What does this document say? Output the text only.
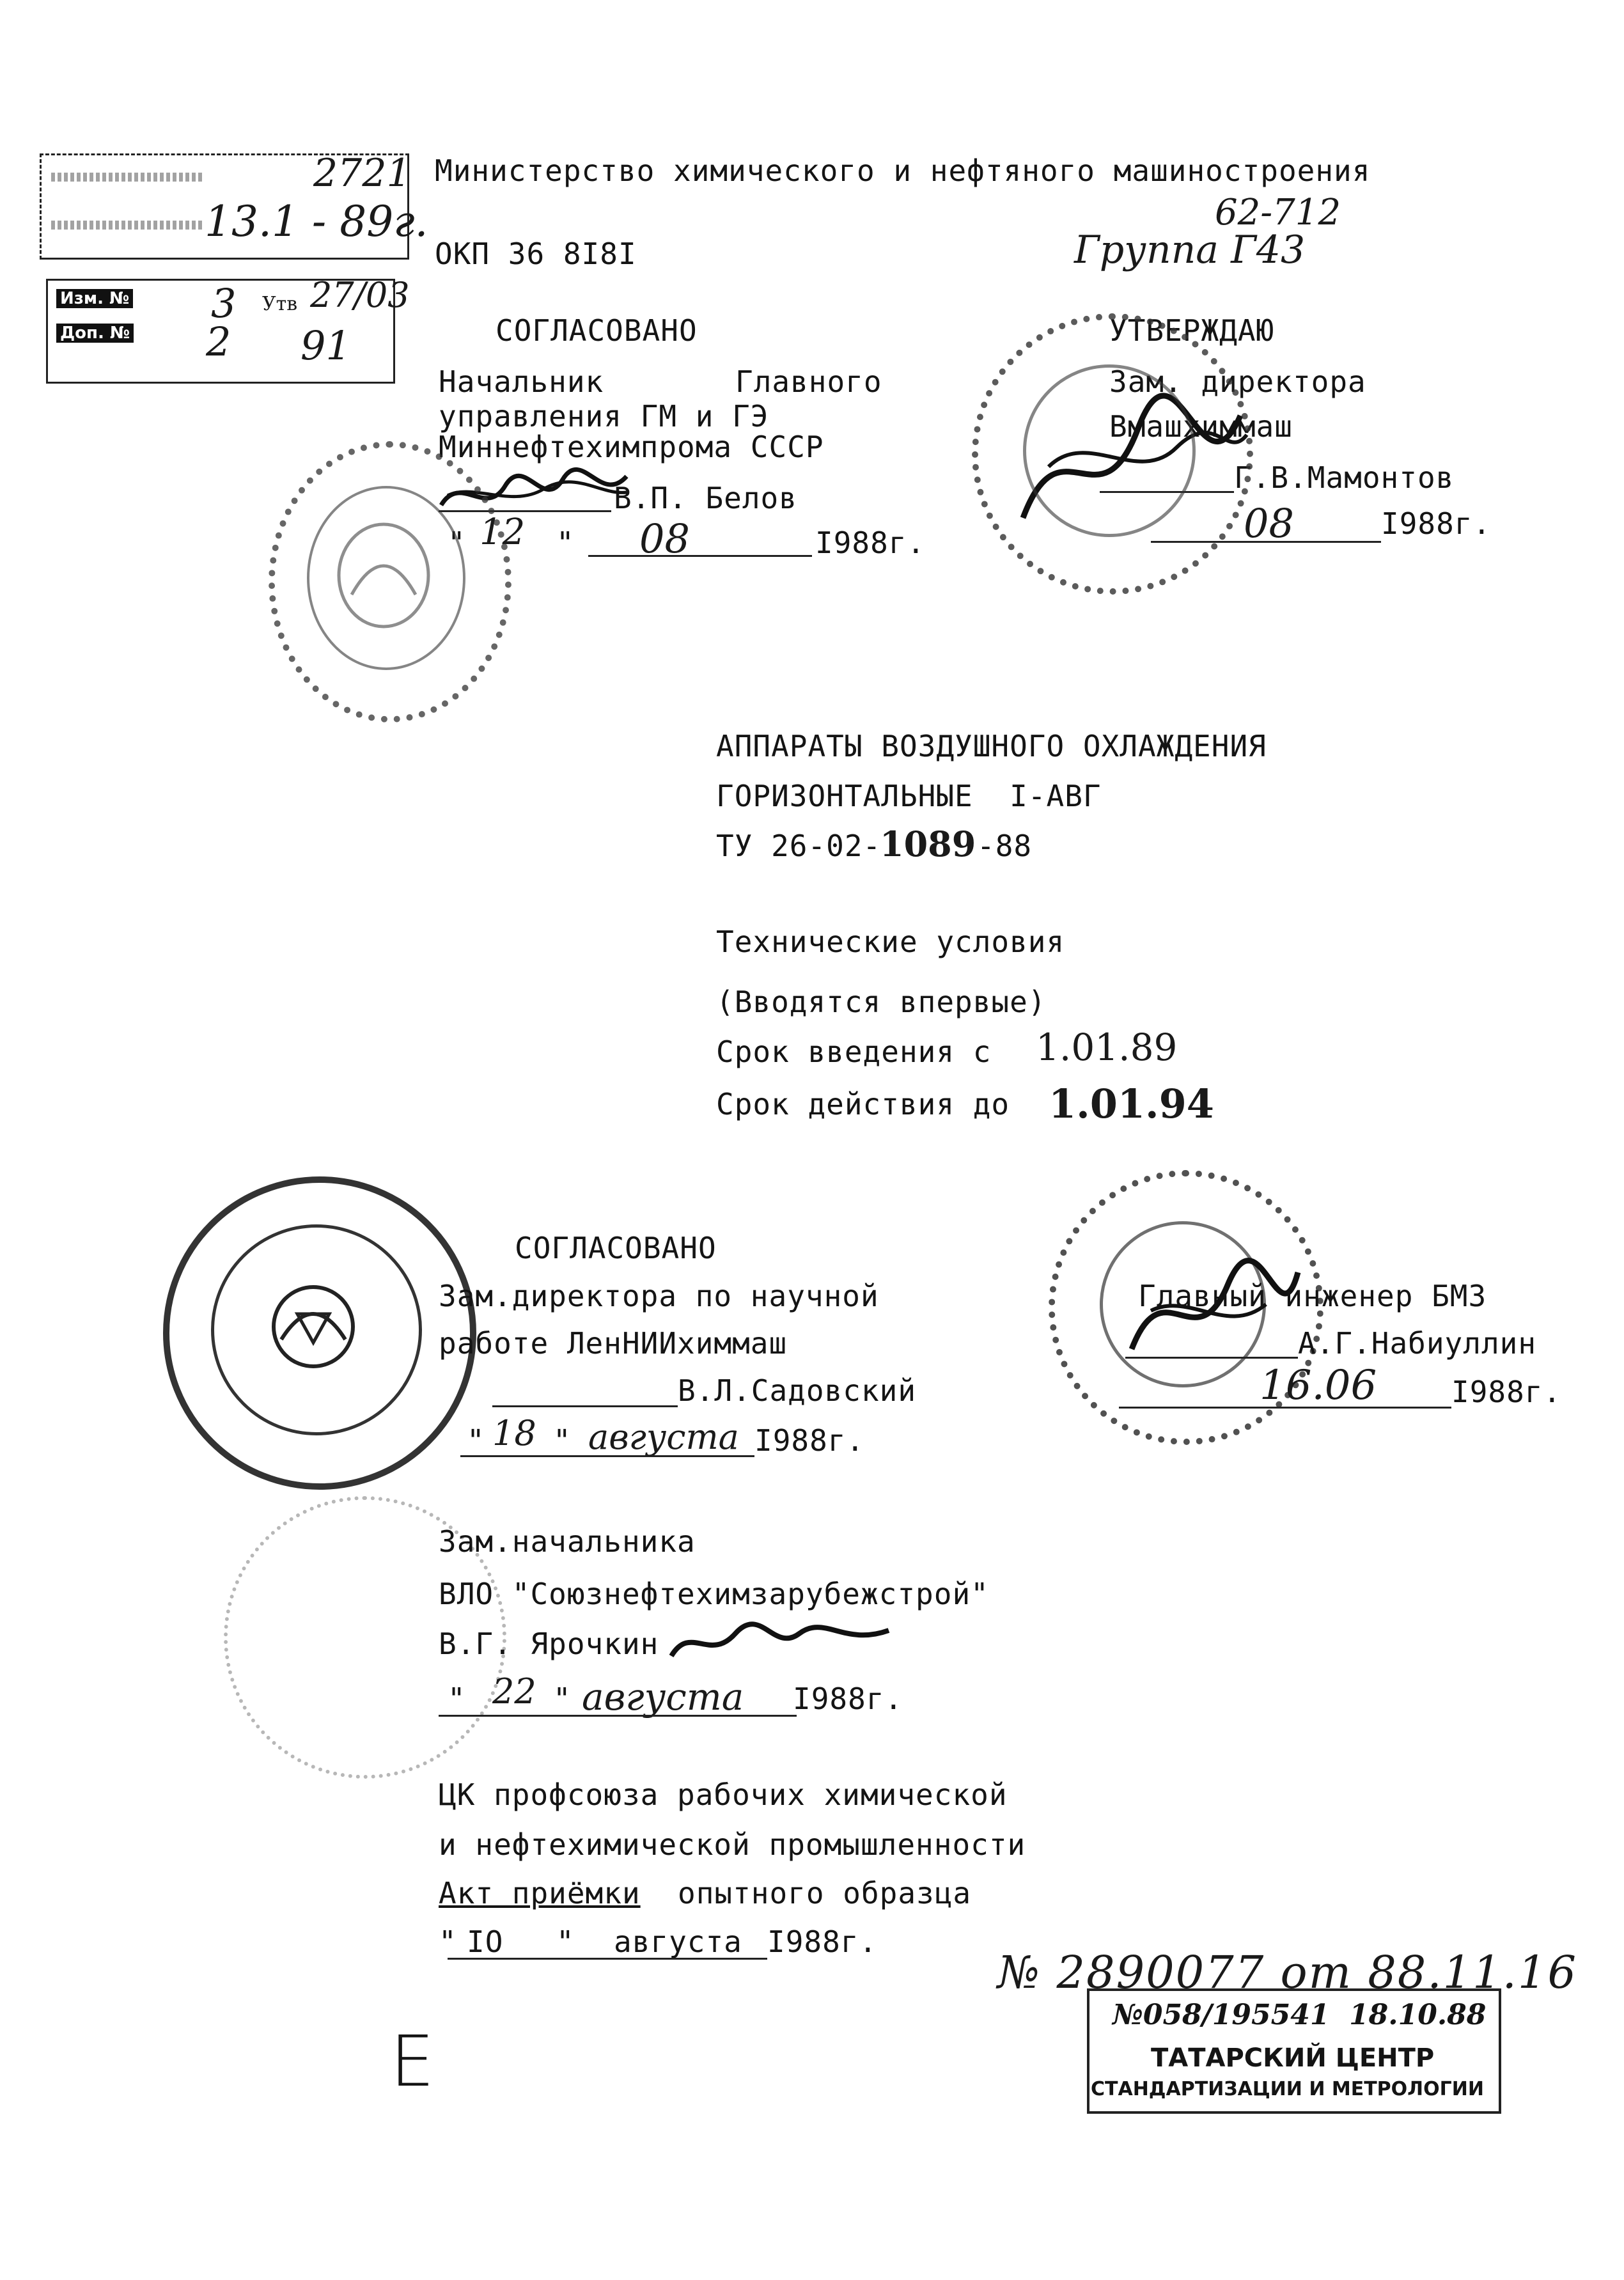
2721
13.1 - 89г.
Изм. №
Доп. №
3 Утв 27/03
2 91
Министерство химического и нефтяного машиностроения
ОКП 36 8I8I
62-712
Группа Г43
СОГЛАСОВАНО
Начальник	Главного
управления ГМ и ГЭ
Миннефтехимпрома СССР
В.П. Белов
" 12 " 08	I988г.
УТВЕРЖДАЮ
Зам. директора
Вмашхиммаш
Г.В.Мамонтов
08	I988г.
АППАРАТЫ ВОЗДУШНОГО ОХЛАЖДЕНИЯ
ГОРИЗОНТАЛЬНЫЕ  I-АВГ
ТУ 26-02-
1089 -88
Технические условия
(Вводятся впервые)
Срок введения с 1.01.89
Срок действия до 1.01.94
СОГЛАСОВАНО
Зам.директора по научной
работе ЛенНИИхиммаш
В.Л.Садовский
" 18 " августа I988г.
Главный инженер БМЗ
А.Г.Набиуллин
16.06	I988г.
Зам.начальника
ВЛО "Союзнефтехимзарубежстрой"
В.Г. Ярочкин
" 22 " августа I988г.
ЦК профсоюза рабочих химической
и нефтехимической промышленности
Акт приёмки опытного образца
" IO " августа I988г.
№ 2890077 от 88.11.16
№058/195541  18.10.88
ТАТАРСКИЙ ЦЕНТР
СТАНДАРТИЗАЦИИ И МЕТРОЛОГИИ
Е
